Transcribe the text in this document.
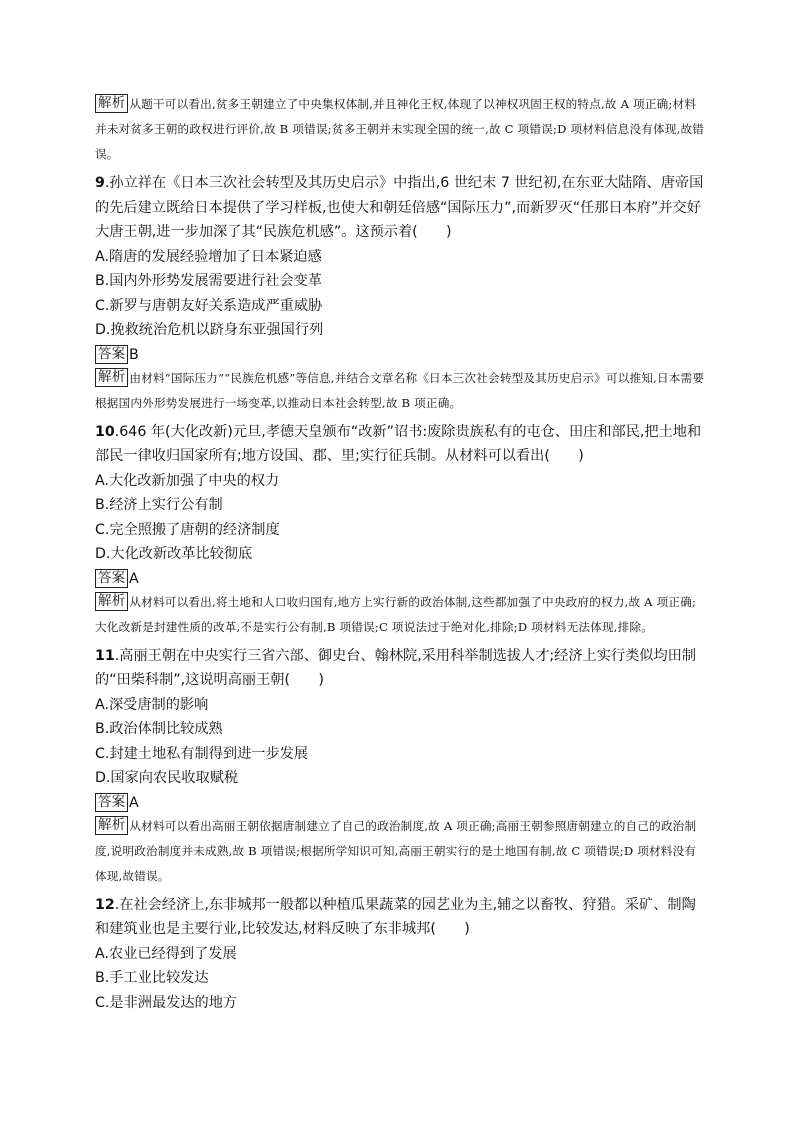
解析 从题干可以看出,贫多王朝建立了中央集权体制,并且神化王权,体现了以神权巩固王权的特点,故 A 项正确;材料并未对贫多王朝的政权进行评价,故 B 项错误;贫多王朝并未实现全国的统一,故 C 项错误;D 项材料信息没有体现,故错误。

9.孙立祥在《日本三次社会转型及其历史启示》中指出,6 世纪末 7 世纪初,在东亚大陆隋、唐帝国的先后建立既给日本提供了学习样板,也使大和朝廷倍感“国际压力”,而新罗灭“任那日本府”并交好大唐王朝,进一步加深了其“民族危机感”。这预示着(　　)

A.隋唐的发展经验增加了日本紧迫感
B.国内外形势发展需要进行社会变革
C.新罗与唐朝友好关系造成严重威胁
D.挽救统治危机以跻身东亚强国行列
答案 B

解析 由材料“国际压力”“民族危机感”等信息,并结合文章名称《日本三次社会转型及其历史启示》可以推知,日本需要根据国内外形势发展进行一场变革,以推动日本社会转型,故 B 项正确。

10.646 年(大化改新)元旦,孝德天皇颁布“改新”诏书:废除贵族私有的屯仓、田庄和部民,把土地和部民一律收归国家所有;地方设国、郡、里;实行征兵制。从材料可以看出(　　)

A.大化改新加强了中央的权力
B.经济上实行公有制
C.完全照搬了唐朝的经济制度
D.大化改新改革比较彻底
答案 A

解析 从材料可以看出,将土地和人口收归国有,地方上实行新的政治体制,这些都加强了中央政府的权力,故 A 项正确;大化改新是封建性质的改革,不是实行公有制,B 项错误;C 项说法过于绝对化,排除;D 项材料无法体现,排除。

11.高丽王朝在中央实行三省六部、御史台、翰林院,采用科举制选拔人才;经济上实行类似均田制的“田柴科制”,这说明高丽王朝(　　)

A.深受唐制的影响
B.政治体制比较成熟
C.封建土地私有制得到进一步发展
D.国家向农民收取赋税
答案 A

解析 从材料可以看出高丽王朝依据唐制建立了自己的政治制度,故 A 项正确;高丽王朝参照唐朝建立的自己的政治制度,说明政治制度并未成熟,故 B 项错误;根据所学知识可知,高丽王朝实行的是土地国有制,故 C 项错误;D 项材料没有体现,故错误。

12.在社会经济上,东非城邦一般都以种植瓜果蔬菜的园艺业为主,辅之以畜牧、狩猎。采矿、制陶和建筑业也是主要行业,比较发达,材料反映了东非城邦(　　)

A.农业已经得到了发展
B.手工业比较发达
C.是非洲最发达的地方
